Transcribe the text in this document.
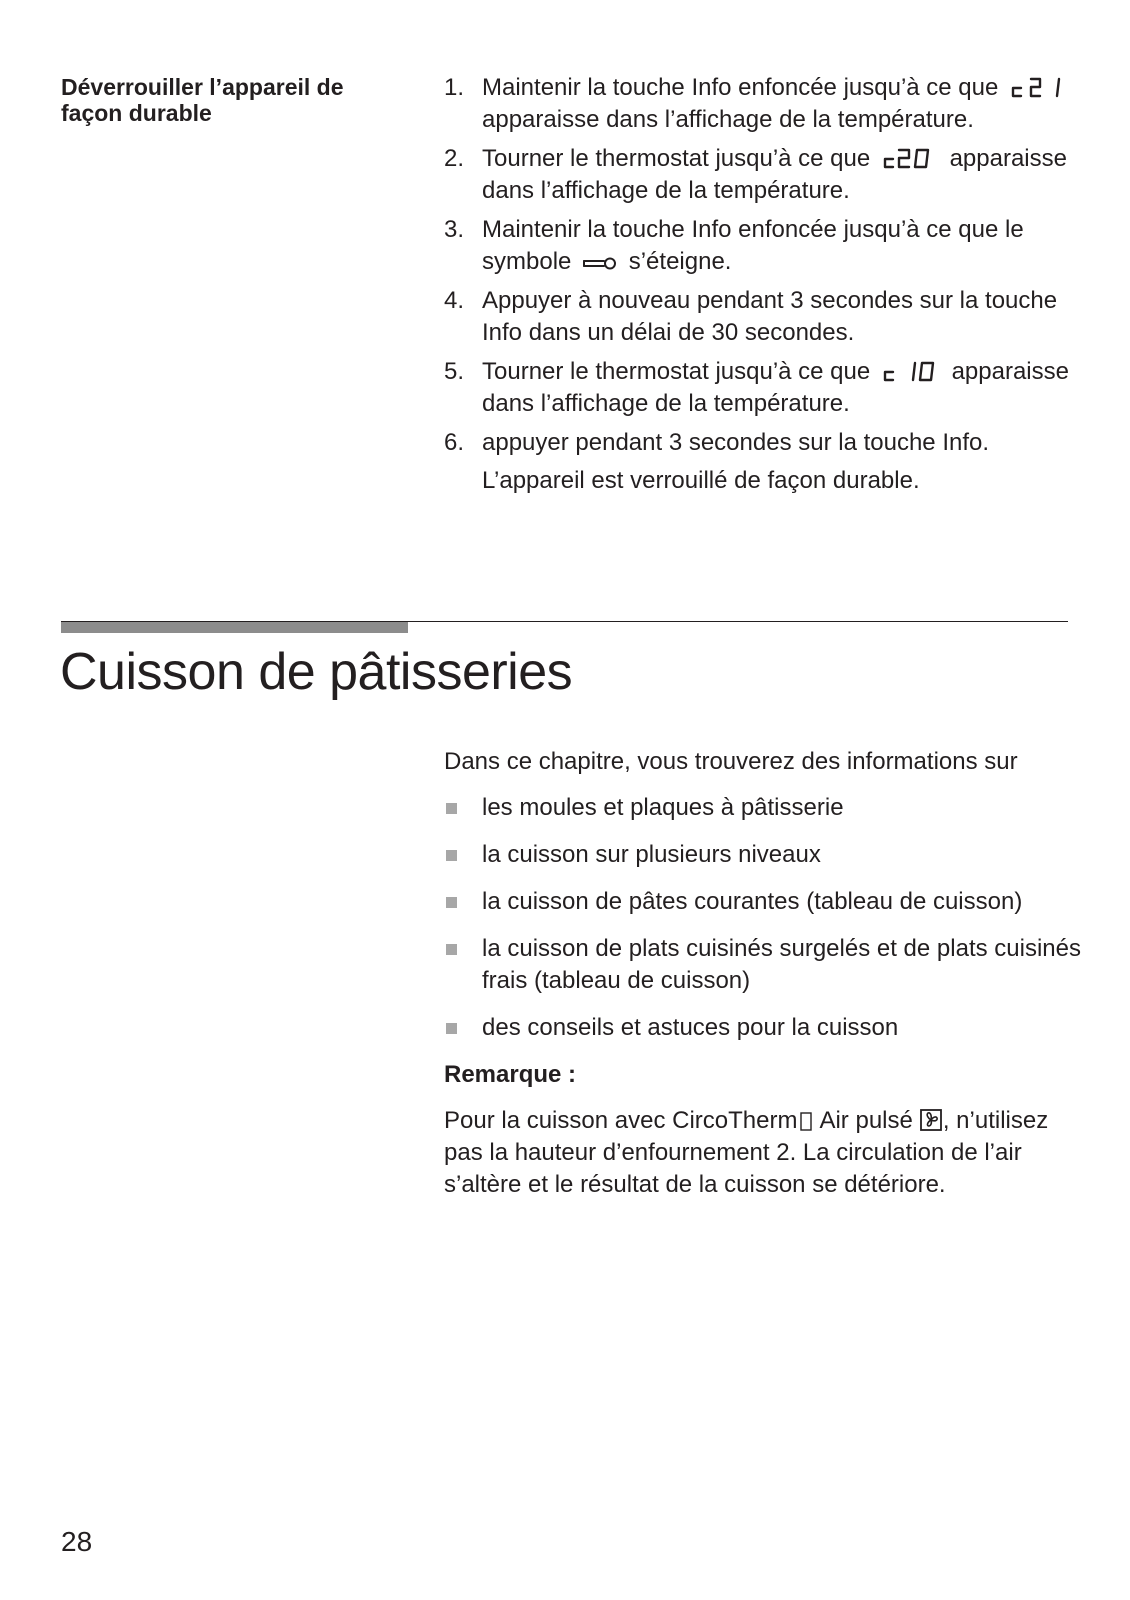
Déverrouiller l’appareil de façon durable
1. Maintenir la touche Info enfoncée jusqu’à ce que  apparaisse dans l’affichage de la température.
2. Tourner le thermostat jusqu’à ce que	apparaisse dans l’affichage de la température.
3. Maintenir la touche Info enfoncée jusqu’à ce que le symbole s’éteigne.
4. Appuyer à nouveau pendant 3 secondes sur la touche Info dans un délai de 30 secondes.
5. Tourner le thermostat jusqu’à ce que	apparaisse dans l’affichage de la température.
6. appuyer pendant 3 secondes sur la touche Info.
L’appareil est verrouillé de façon durable.
Cuisson de pâtisseries

Dans ce chapitre, vous trouverez des informations sur

les moules et plaques à pâtisserie
la cuisson sur plusieurs niveaux
la cuisson de pâtes courantes (tableau de cuisson)
la cuisson de plats cuisinés surgelés et de plats cuisinés frais (tableau de cuisson)
des conseils et astuces pour la cuisson

Remarque :

Pour la cuisson avec CircoTherm Air pulsé , n’utilisez pas la hauteur d’enfournement 2. La circulation de l’air s’altère et le résultat de la cuisson se détériore.

28
